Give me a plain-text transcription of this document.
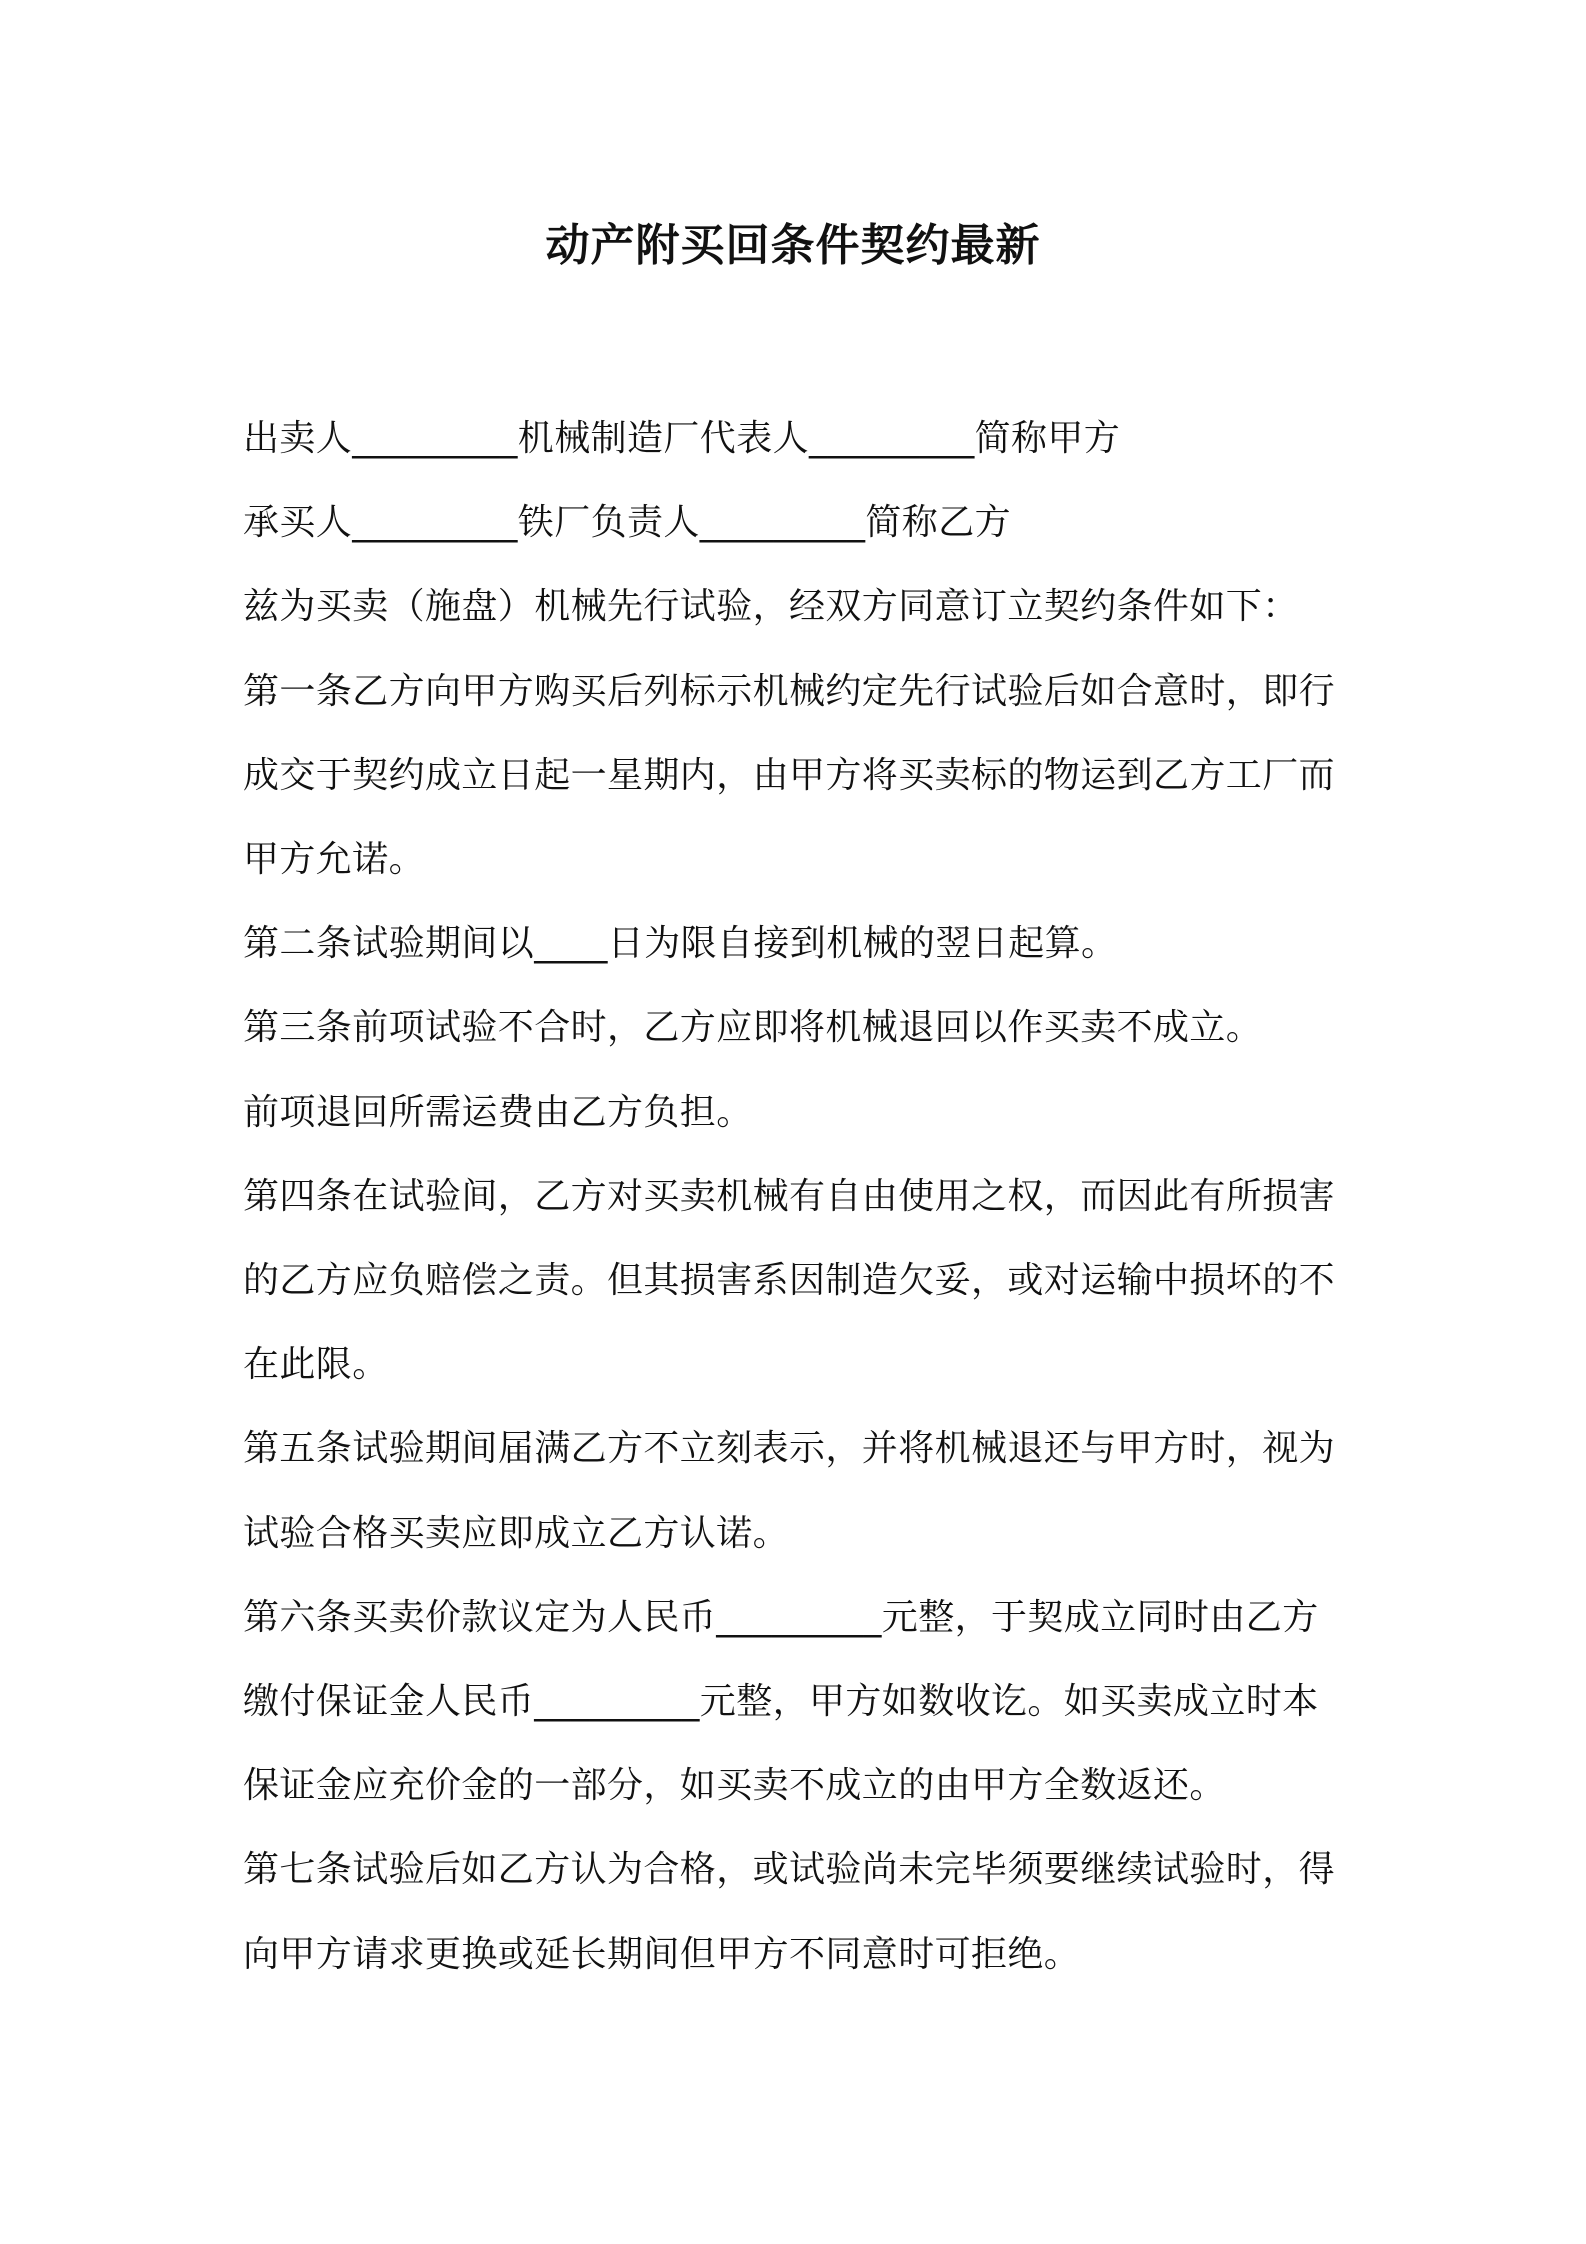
动产附买回条件契约最新
出卖人_________机械制造厂代表人_________简称甲方
承买人_________铁厂负责人_________简称乙方
兹为买卖（施盘）机械先行试验，经双方同意订立契约条件如下：
第一条乙方向甲方购买后列标示机械约定先行试验后如合意时，即行
成交于契约成立日起一星期内，由甲方将买卖标的物运到乙方工厂而
甲方允诺。
第二条试验期间以____日为限自接到机械的翌日起算。
第三条前项试验不合时，乙方应即将机械退回以作买卖不成立。
前项退回所需运费由乙方负担。
第四条在试验间，乙方对买卖机械有自由使用之权，而因此有所损害
的乙方应负赔偿之责。但其损害系因制造欠妥，或对运输中损坏的不
在此限。
第五条试验期间届满乙方不立刻表示，并将机械退还与甲方时，视为
试验合格买卖应即成立乙方认诺。
第六条买卖价款议定为人民币_________元整，于契成立同时由乙方
缴付保证金人民币_________元整，甲方如数收讫。如买卖成立时本
保证金应充价金的一部分，如买卖不成立的由甲方全数返还。
第七条试验后如乙方认为合格，或试验尚未完毕须要继续试验时，得
向甲方请求更换或延长期间但甲方不同意时可拒绝。
